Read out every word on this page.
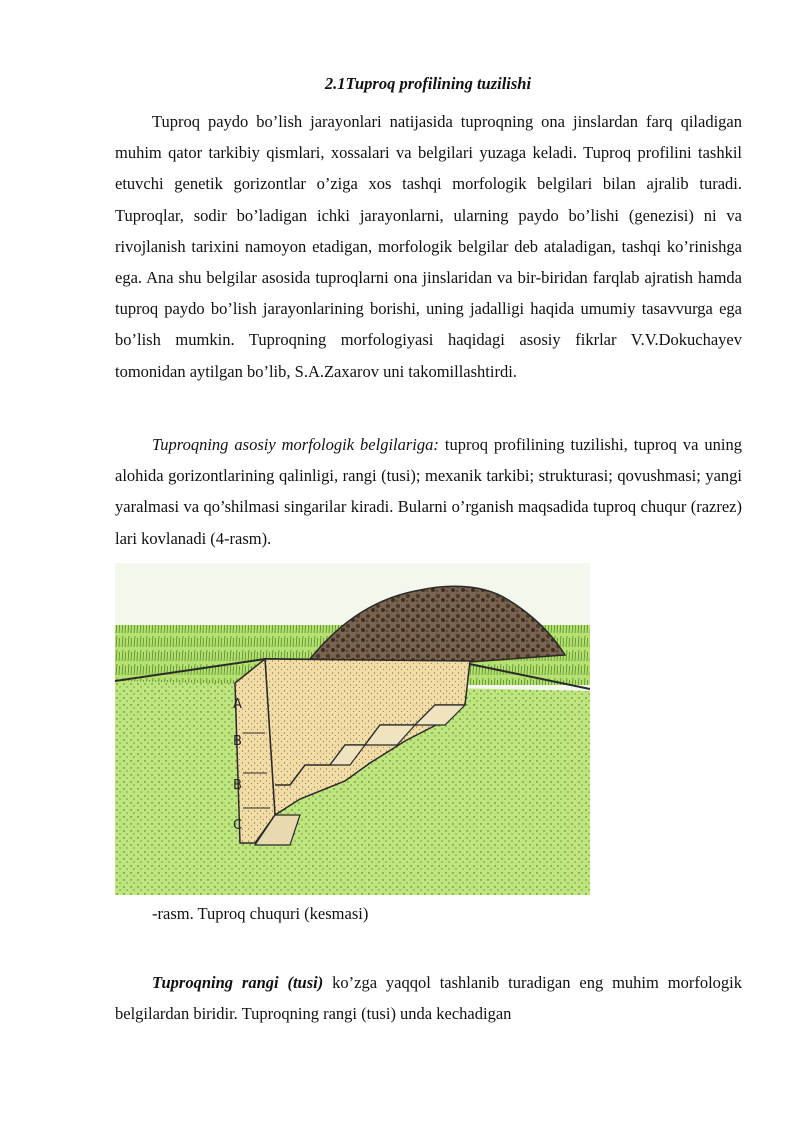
2.1Tuproq profilining tuzilishi

Tuproq paydo bo’lish jarayonlari natijasida tuproqning ona jinslardan farq qiladigan muhim qator tarkibiy qismlari, xossalari va belgilari yuzaga keladi. Tuproq profilini tashkil etuvchi genetik gorizontlar o’ziga xos tashqi morfologik belgilari bilan ajralib turadi. Tuproqlar, sodir bo’ladigan ichki jarayonlarni, ularning paydo bo’lishi (genezisi) ni va rivojlanish tarixini namoyon etadigan, morfologik belgilar deb ataladigan, tashqi ko’rinishga ega. Ana shu belgilar asosida tuproqlarni ona jinslaridan va bir-biridan farqlab ajratish hamda tuproq paydo bo’lish jarayonlarining borishi, uning jadalligi haqida umumiy tasavvurga ega bo’lish mumkin. Tuproqning morfologiyasi haqidagi asosiy fikrlar V.V.Dokuchayev tomonidan aytilgan bo’lib, S.A.Zaxarov uni takomillashtirdi.

Tuproqning asosiy morfologik belgilariga: tuproq profilining tuzilishi, tuproq va uning alohida gorizontlarining qalinligi, rangi (tusi); mexanik tarkibi; strukturasi; qovushmasi; yangi yaralmasi va qo’shilmasi singarilar kiradi. Bularni o’rganish maqsadida tuproq chuqur (razrez) lari kovlanadi (4-rasm).

A
B
B
C
-rasm. Tuproq chuquri (kesmasi)

Tuproqning rangi (tusi) ko’zga yaqqol tashlanib turadigan eng muhim morfologik belgilardan biridir. Tuproqning rangi (tusi) unda kechadigan
